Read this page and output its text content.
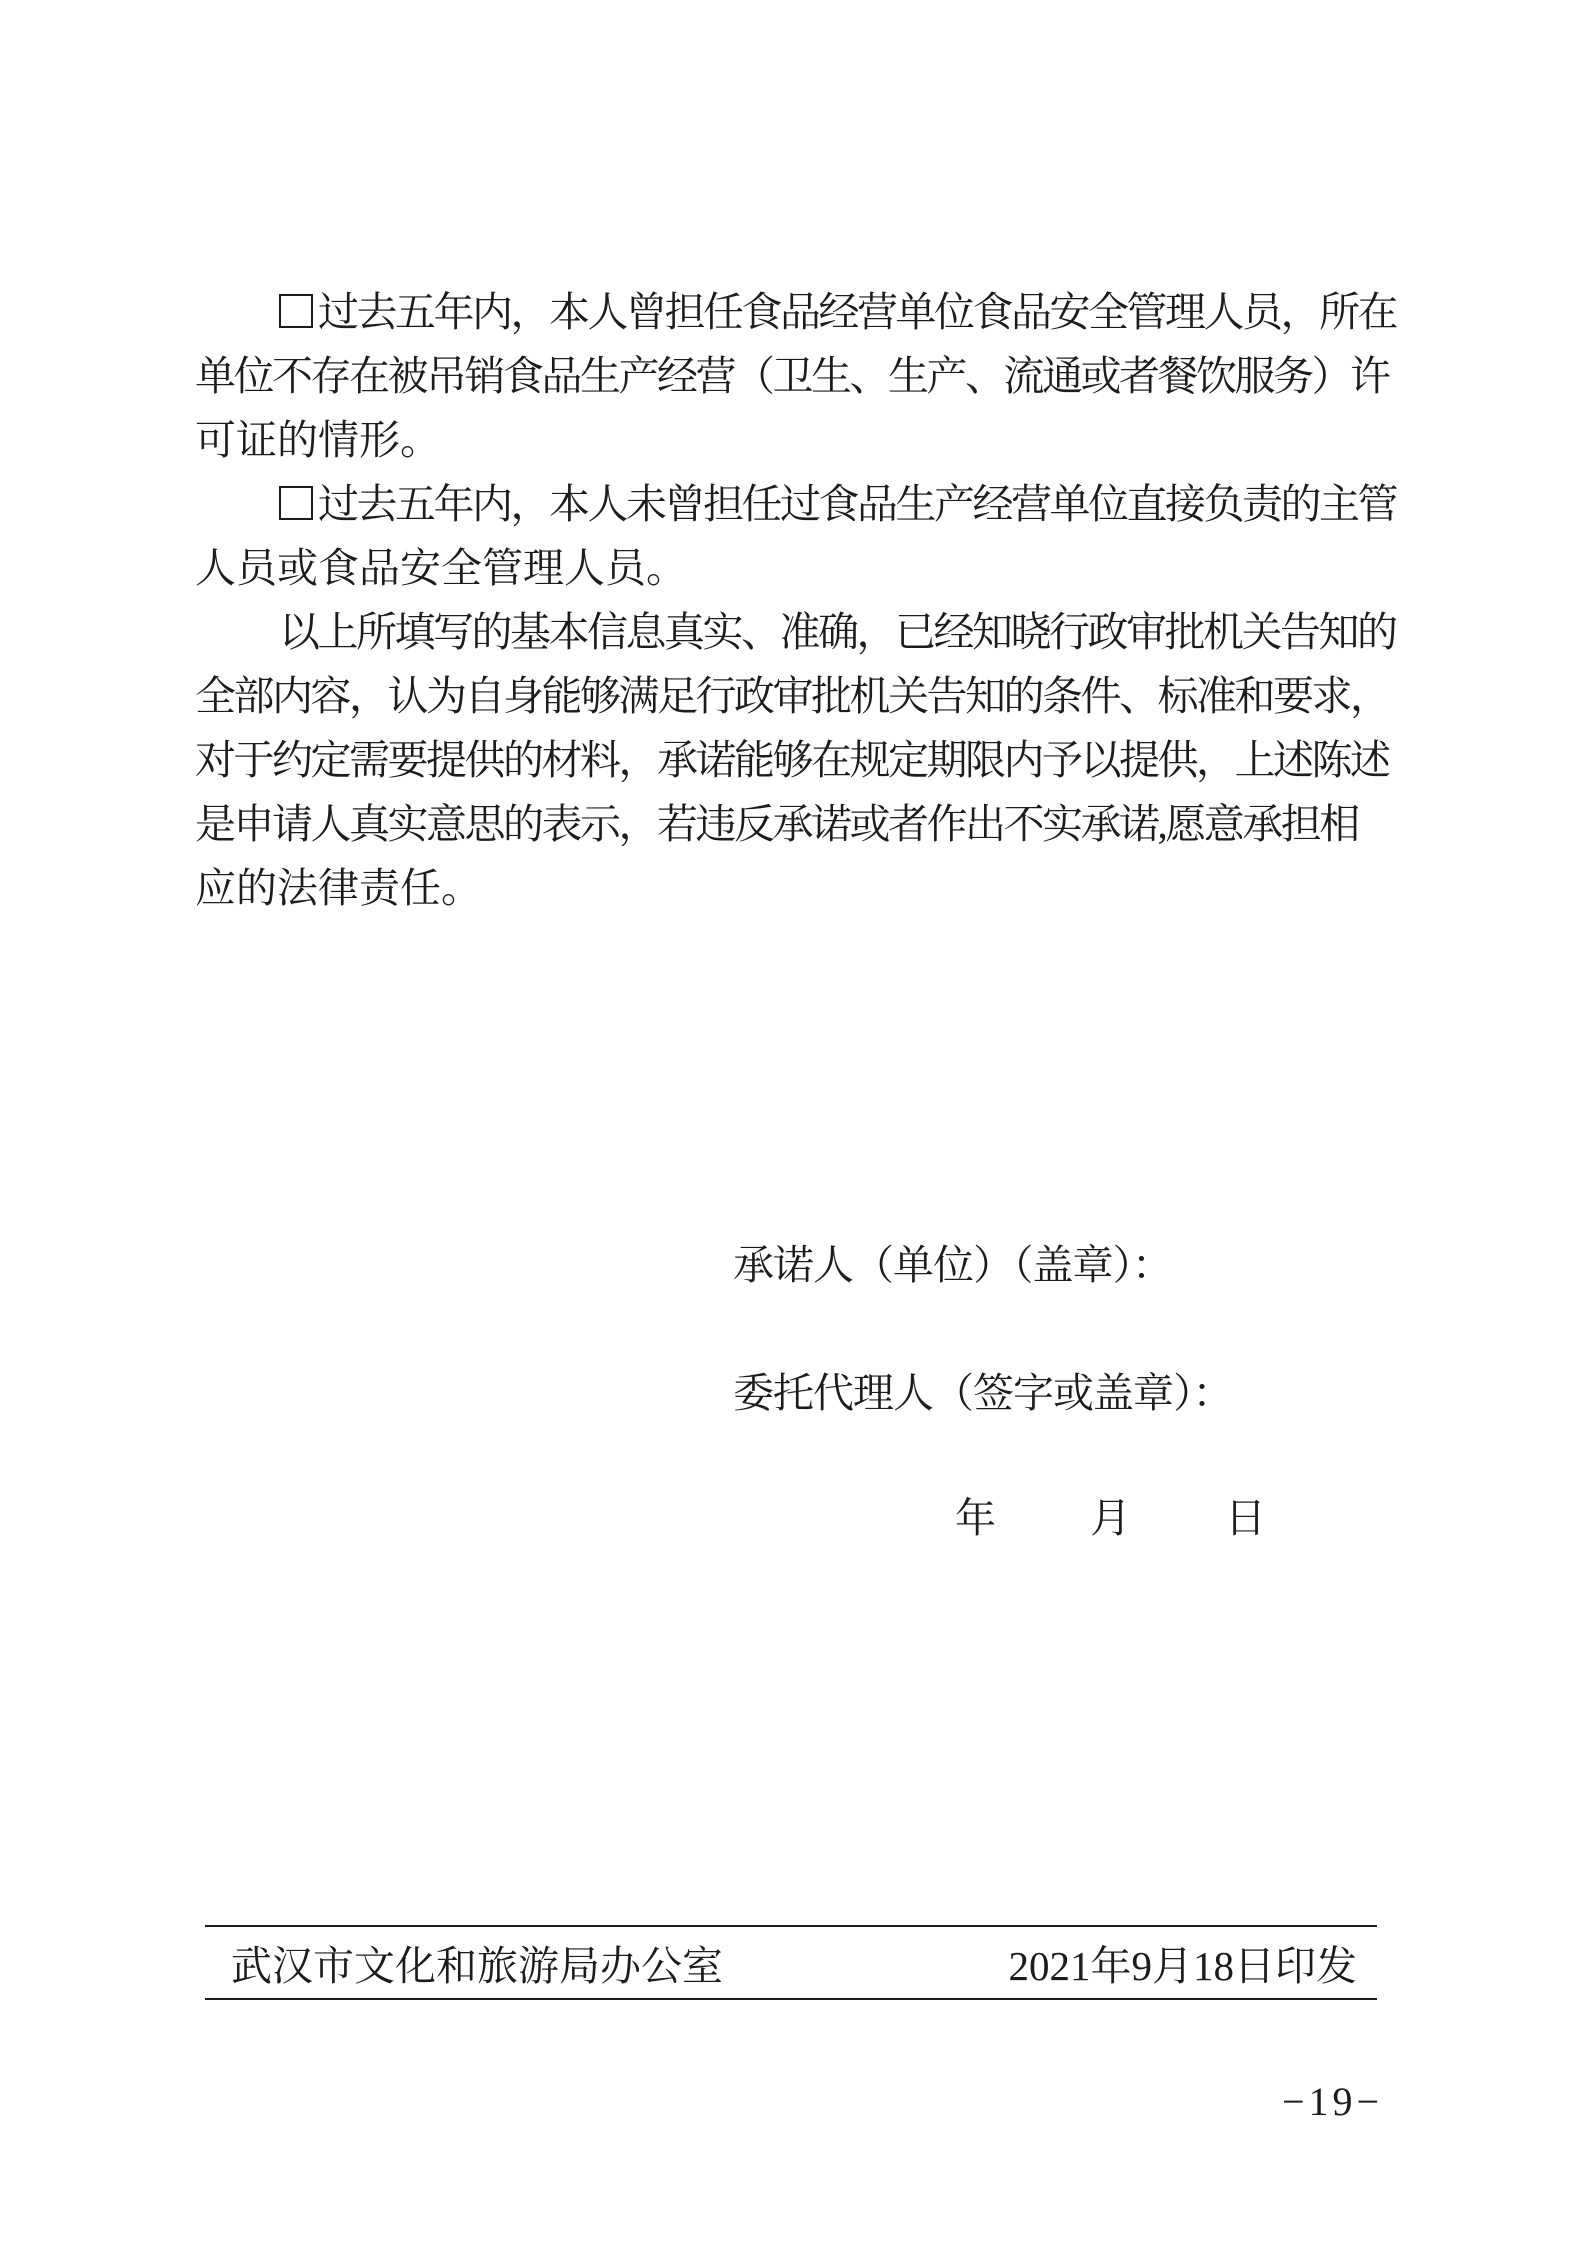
过去五年内，本人曾担任食品经营单位食品安全管理人员，所在
单位不存在被吊销食品生产经营（卫生、生产、流通或者餐饮服务）许
可证的情形。
过去五年内，本人未曾担任过食品生产经营单位直接负责的主管
人员或食品安全管理人员。
以上所填写的基本信息真实、准确，已经知晓行政审批机关告知的
全部内容，认为自身能够满足行政审批机关告知的条件、标准和要求，
对于约定需要提供的材料，承诺能够在规定期限内予以提供，上述陈述
是申请人真实意思的表示，若违反承诺或者作出不实承诺,愿意承担相
应的法律责任。
承诺人（单位）（盖章）：
委托代理人（签字或盖章）：
年 月 日
武汉市文化和旅游局办公室	2021年9月18日印发
−19−
